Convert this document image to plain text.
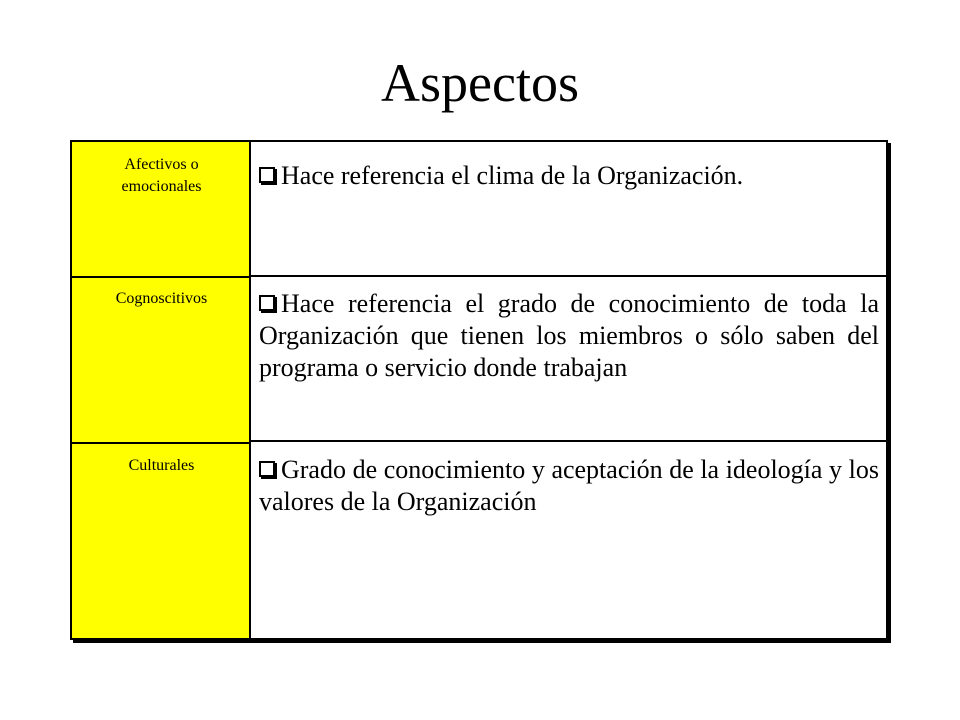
Aspectos
Afectivos o emocionales
Cognoscitivos
Culturales
Hace referencia el clima de la Organización.
Hace referencia el grado de conocimiento de toda la Organización que tienen los miembros o sólo saben del programa o servicio donde trabajan
Grado de conocimiento y aceptación de la ideología y los valores de la Organización
